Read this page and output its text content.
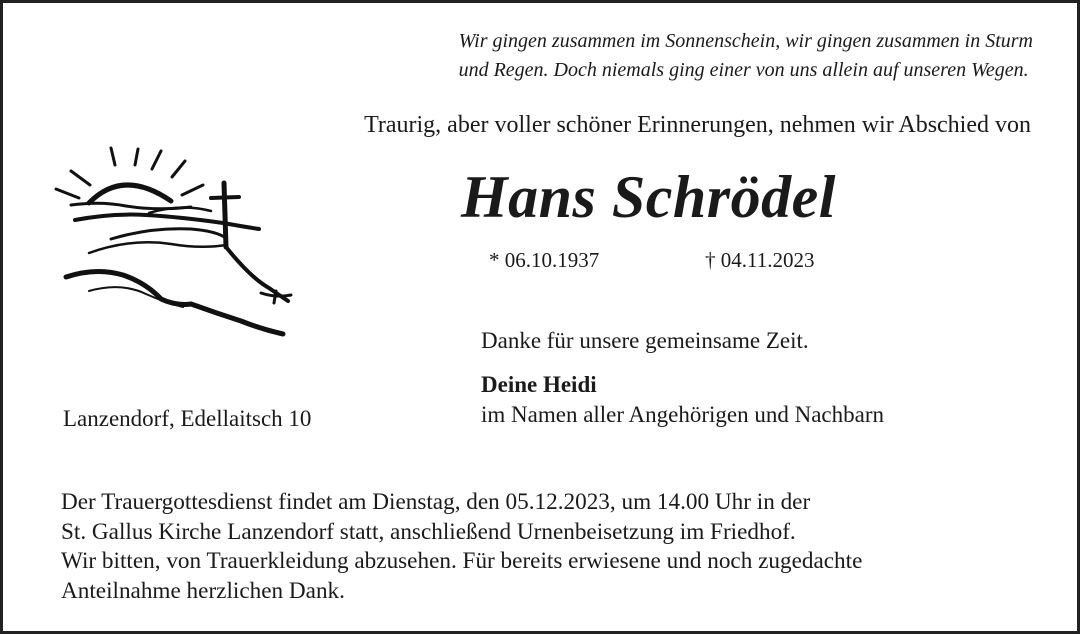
Wir gingen zusammen im Sonnenschein, wir gingen zusammen in Sturm
und Regen. Doch niemals ging einer von uns allein auf unseren Wegen.
Traurig, aber voller schöner Erinnerungen, nehmen wir Abschied von
Hans Schrödel
* 06.10.1937	† 04.11.2023
Danke für unsere gemeinsame Zeit.
Deine Heidi
im Namen aller Angehörigen und Nachbarn
Lanzendorf, Edellaitsch 10
Der Trauergottesdienst findet am Dienstag, den 05.12.2023, um 14.00 Uhr in der
St. Gallus Kirche Lanzendorf statt, anschließend Urnenbeisetzung im Friedhof.
Wir bitten, von Trauerkleidung abzusehen. Für bereits erwiesene und noch zugedachte
Anteilnahme herzlichen Dank.
